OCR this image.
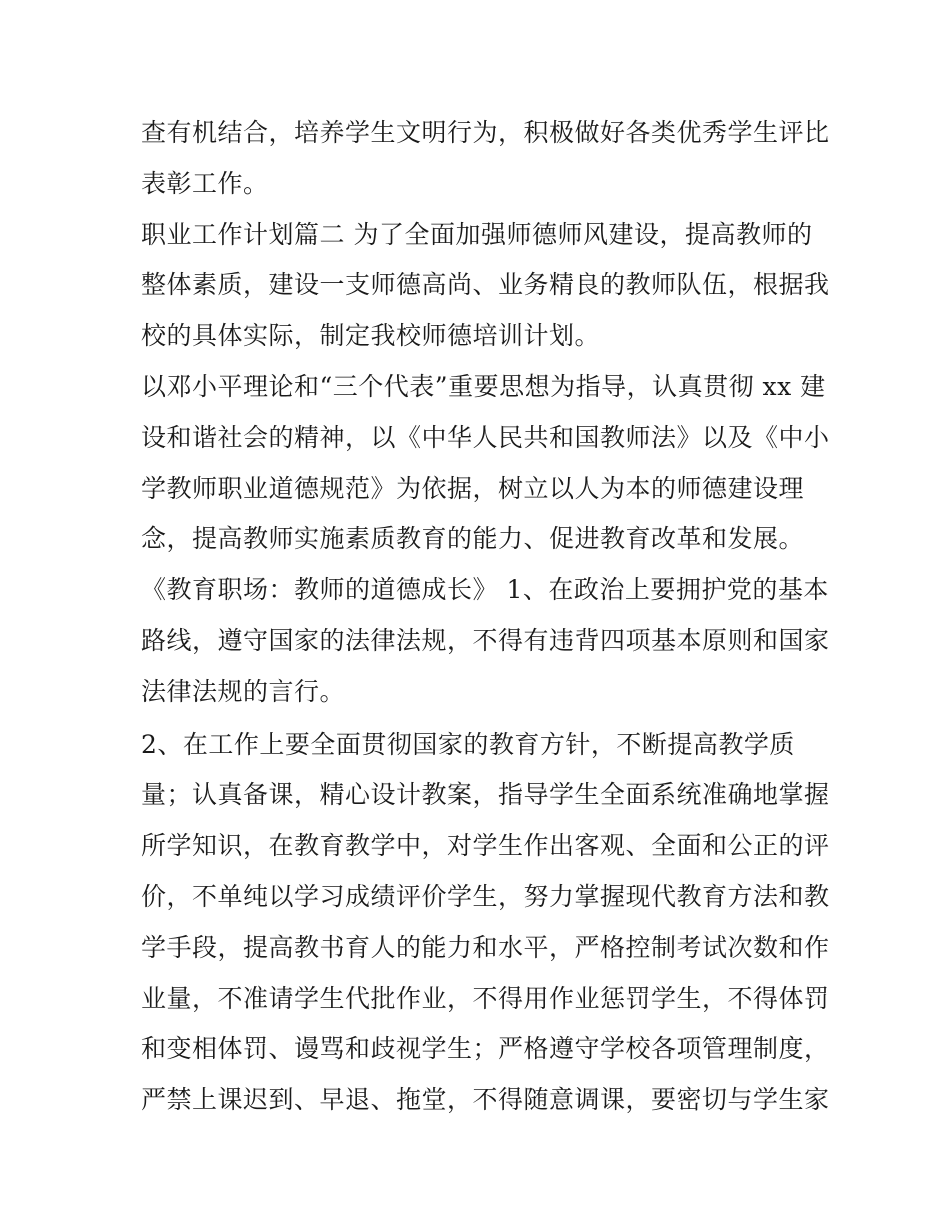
查有机结合，培养学生文明行为，积极做好各类优秀学生评比
表彰工作。
职业工作计划篇二 为了全面加强师德师风建设，提高教师的
整体素质，建设一支师德高尚、业务精良的教师队伍，根据我
校的具体实际，制定我校师德培训计划。
以邓小平理论和“三个代表”重要思想为指导，认真贯彻 xx 建
设和谐社会的精神，以《中华人民共和国教师法》以及《中小
学教师职业道德规范》为依据，树立以人为本的师德建设理
念，提高教师实施素质教育的能力、促进教育改革和发展。
《教育职场：教师的道德成长》 1、在政治上要拥护党的基本
路线，遵守国家的法律法规，不得有违背四项基本原则和国家
法律法规的言行。
2、在工作上要全面贯彻国家的教育方针，不断提高教学质
量；认真备课，精心设计教案，指导学生全面系统准确地掌握
所学知识，在教育教学中，对学生作出客观、全面和公正的评
价，不单纯以学习成绩评价学生，努力掌握现代教育方法和教
学手段，提高教书育人的能力和水平，严格控制考试次数和作
业量，不准请学生代批作业，不得用作业惩罚学生，不得体罚
和变相体罚、谩骂和歧视学生；严格遵守学校各项管理制度，
严禁上课迟到、早退、拖堂，不得随意调课，要密切与学生家
